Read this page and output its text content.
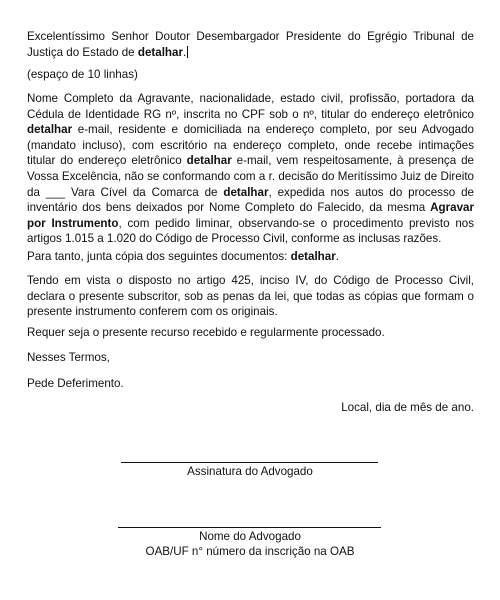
Excelentíssimo Senhor Doutor Desembargador Presidente do Egrégio Tribunal de Justiça do Estado de detalhar.

(espaço de 10 linhas)

Nome Completo da Agravante, nacionalidade, estado civil, profissão, portadora da Cédula de Identidade RG nº, inscrita no CPF sob o nº, titular do endereço eletrônico detalhar e-mail, residente e domiciliada na endereço completo, por seu Advogado (mandato incluso), com escritório na endereço completo, onde recebe intimações titular do endereço eletrônico detalhar e-mail, vem respeitosamente, à presença de Vossa Excelência, não se conformando com a r. decisão do Meritíssimo Juiz de Direito da ___ Vara Cível da Comarca de detalhar, expedida nos autos do processo de inventário dos bens deixados por Nome Completo do Falecido, da mesma Agravar por Instrumento, com pedido liminar, observando-se o procedimento previsto nos artigos 1.015 a 1.020 do Código de Processo Civil, conforme as inclusas razões.

Para tanto, junta cópia dos seguintes documentos: detalhar.

Tendo em vista o disposto no artigo 425, inciso IV, do Código de Processo Civil, declara o presente subscritor, sob as penas da lei, que todas as cópias que formam o presente instrumento conferem com os originais.

Requer seja o presente recurso recebido e regularmente processado.

Nesses Termos,

Pede Deferimento.

Local, dia de mês de ano.

Assinatura do Advogado
Nome do Advogado
OAB/UF n° número da inscrição na OAB
